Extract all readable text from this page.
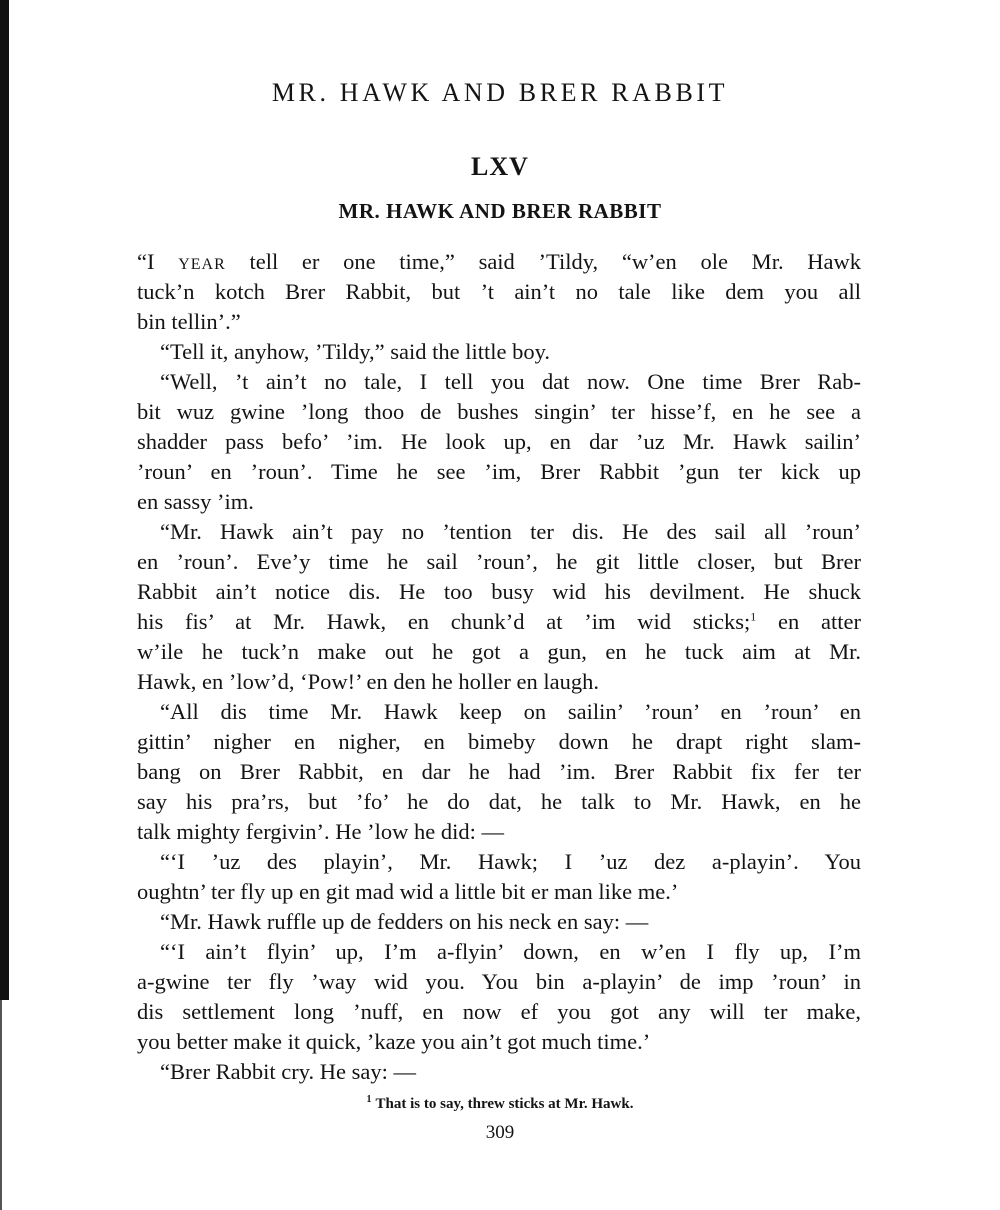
MR. HAWK AND BRER RABBIT
LXV
MR. HAWK AND BRER RABBIT
“I YEAR tell er one time,” said ’Tildy, “w’en ole Mr. Hawk
tuck’n kotch Brer Rabbit, but ’t ain’t no tale like dem you all
bin tellin’.”
“Tell it, anyhow, ’Tildy,” said the little boy.
“Well, ’t ain’t no tale, I tell you dat now. One time Brer Rab-
bit wuz gwine ’long thoo de bushes singin’ ter hisse’f, en he see a
shadder pass befo’ ’im. He look up, en dar ’uz Mr. Hawk sailin’
’roun’ en ’roun’. Time he see ’im, Brer Rabbit ’gun ter kick up
en sassy ’im.
“Mr. Hawk ain’t pay no ’tention ter dis. He des sail all ’roun’
en ’roun’. Eve’y time he sail ’roun’, he git little closer, but Brer
Rabbit ain’t notice dis. He too busy wid his devilment. He shuck
his fis’ at Mr. Hawk, en chunk’d at ’im wid sticks;$^1$ en atter
w’ile he tuck’n make out he got a gun, en he tuck aim at Mr.
Hawk, en ’low’d, ‘Pow!’ en den he holler en laugh.
“All dis time Mr. Hawk keep on sailin’ ’roun’ en ’roun’ en
gittin’ nigher en nigher, en bimeby down he drapt right slam-
bang on Brer Rabbit, en dar he had ’im. Brer Rabbit fix fer ter
say his pra’rs, but ’fo’ he do dat, he talk to Mr. Hawk, en he
talk mighty fergivin’. He ’low he did: —
“‘I ’uz des playin’, Mr. Hawk; I ’uz dez a-playin’. You
oughtn’ ter fly up en git mad wid a little bit er man like me.’
“Mr. Hawk ruffle up de fedders on his neck en say: —
“‘I ain’t flyin’ up, I’m a-flyin’ down, en w’en I fly up, I’m
a-gwine ter fly ’way wid you. You bin a-playin’ de imp ’roun’ in
dis settlement long ’nuff, en now ef you got any will ter make,
you better make it quick, ’kaze you ain’t got much time.’
“Brer Rabbit cry. He say: —

$^1$ That is to say, threw sticks at Mr. Hawk.

309
